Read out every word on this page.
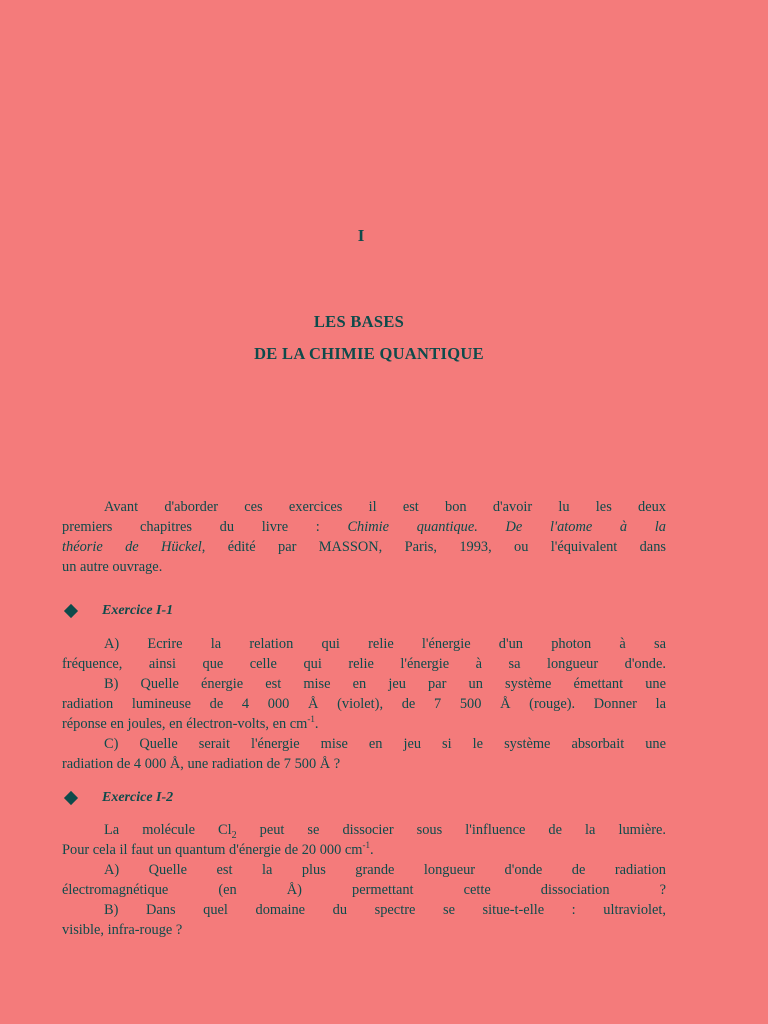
I
LES BASES
DE LA CHIMIE QUANTIQUE
Avant d'aborder ces exercices il est bon d'avoir lu les deux
premiers chapitres du livre : Chimie quantique. De l'atome à la
théorie de Hückel, édité par MASSON, Paris, 1993, ou l'équivalent dans
un autre ouvrage.
Exercice I-1
A) Ecrire la relation qui relie l'énergie d'un photon à sa
fréquence, ainsi que celle qui relie l'énergie à sa longueur d'onde.
B) Quelle énergie est mise en jeu par un système émettant une
radiation lumineuse de 4 000 Å (violet), de 7 500 Å (rouge). Donner la
réponse en joules, en électron-volts, en $cm^{-1}$.
C) Quelle serait l'énergie mise en jeu si le système absorbait une
radiation de 4 000 Å, une radiation de 7 500 Å ?
Exercice I-2
La molécule $Cl_2$ peut se dissocier sous l'influence de la lumière.
Pour cela il faut un quantum d'énergie de 20 000 $cm^{-1}$.
A) Quelle est la plus grande longueur d'onde de radiation
électromagnétique (en Å) permettant cette dissociation ?
B) Dans quel domaine du spectre se situe-t-elle : ultraviolet,
visible, infra-rouge ?
